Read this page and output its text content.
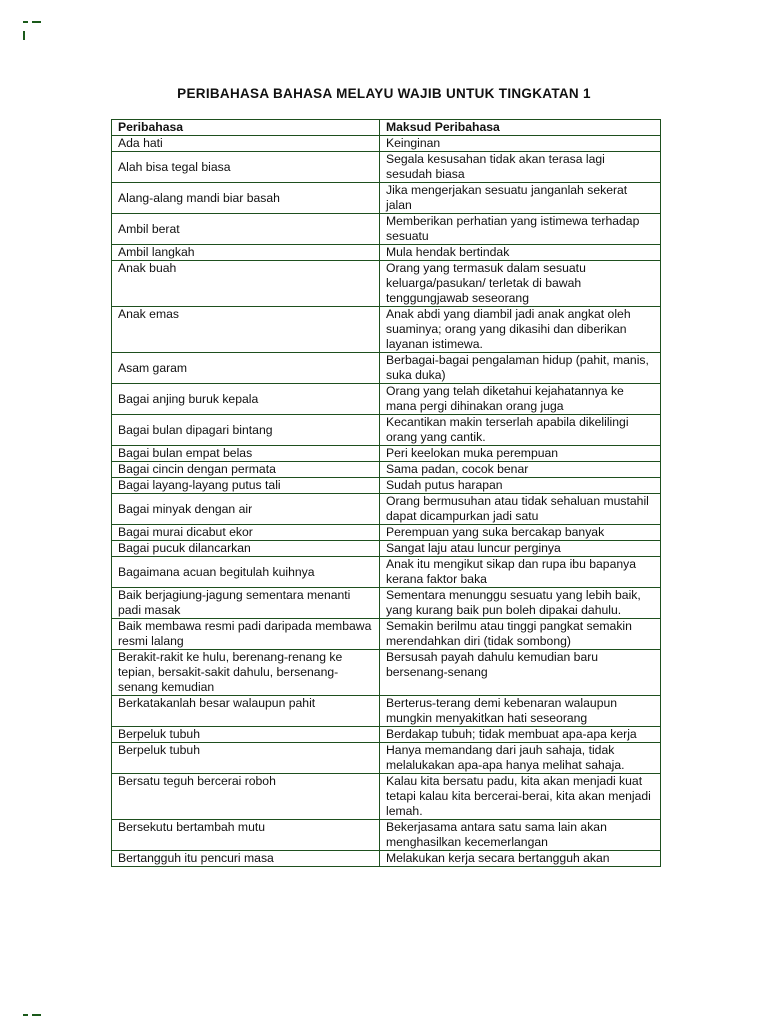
PERIBAHASA BAHASA MELAYU WAJIB UNTUK TINGKATAN 1
Peribahasa	Maksud Peribahasa
Ada hati	Keinginan
Alah bisa tegal biasa	Segala kesusahan tidak akan terasa lagi sesudah biasa
Alang-alang mandi biar basah	Jika mengerjakan sesuatu janganlah sekerat jalan
Ambil berat	Memberikan perhatian yang istimewa terhadap sesuatu
Ambil langkah	Mula hendak bertindak
Anak buah	Orang yang termasuk dalam sesuatu keluarga/pasukan/ terletak di bawah tenggungjawab seseorang
Anak emas	Anak abdi yang diambil jadi anak angkat oleh suaminya; orang yang dikasihi dan diberikan layanan istimewa.
Asam garam	Berbagai-bagai pengalaman hidup (pahit, manis, suka duka)
Bagai anjing buruk kepala	Orang yang telah diketahui kejahatannya ke mana pergi dihinakan orang juga
Bagai bulan dipagari bintang	Kecantikan makin terserlah apabila dikelilingi orang yang cantik.
Bagai bulan empat belas	Peri keelokan muka perempuan
Bagai cincin dengan permata	Sama padan, cocok benar
Bagai layang-layang putus tali	Sudah putus harapan
Bagai minyak dengan air	Orang bermusuhan atau tidak sehaluan mustahil dapat dicampurkan jadi satu
Bagai murai dicabut ekor	Perempuan yang suka bercakap banyak
Bagai pucuk dilancarkan	Sangat laju atau luncur perginya
Bagaimana acuan begitulah kuihnya	Anak itu mengikut sikap dan rupa ibu bapanya kerana faktor baka
Baik berjagiung-jagung sementara menanti padi masak	Sementara menunggu sesuatu yang lebih baik, yang kurang baik pun boleh dipakai dahulu.
Baik membawa resmi padi daripada membawa resmi lalang	Semakin berilmu atau tinggi pangkat semakin merendahkan diri (tidak sombong)
Berakit-rakit ke hulu, berenang-renang ke tepian, bersakit-sakit dahulu, bersenang-senang kemudian	Bersusah payah dahulu kemudian baru bersenang-senang
Berkatakanlah besar walaupun pahit	Berterus-terang demi kebenaran walaupun mungkin menyakitkan hati seseorang
Berpeluk tubuh	Berdakap tubuh; tidak membuat apa-apa kerja
Berpeluk tubuh	Hanya memandang dari jauh sahaja, tidak melalukakan apa-apa hanya melihat sahaja.
Bersatu teguh bercerai roboh	Kalau kita bersatu padu, kita akan menjadi kuat tetapi kalau kita bercerai-berai, kita akan menjadi lemah.
Bersekutu bertambah mutu	Bekerjasama antara satu sama lain akan menghasilkan kecemerlangan
Bertangguh itu pencuri masa	Melakukan kerja secara bertangguh akan
